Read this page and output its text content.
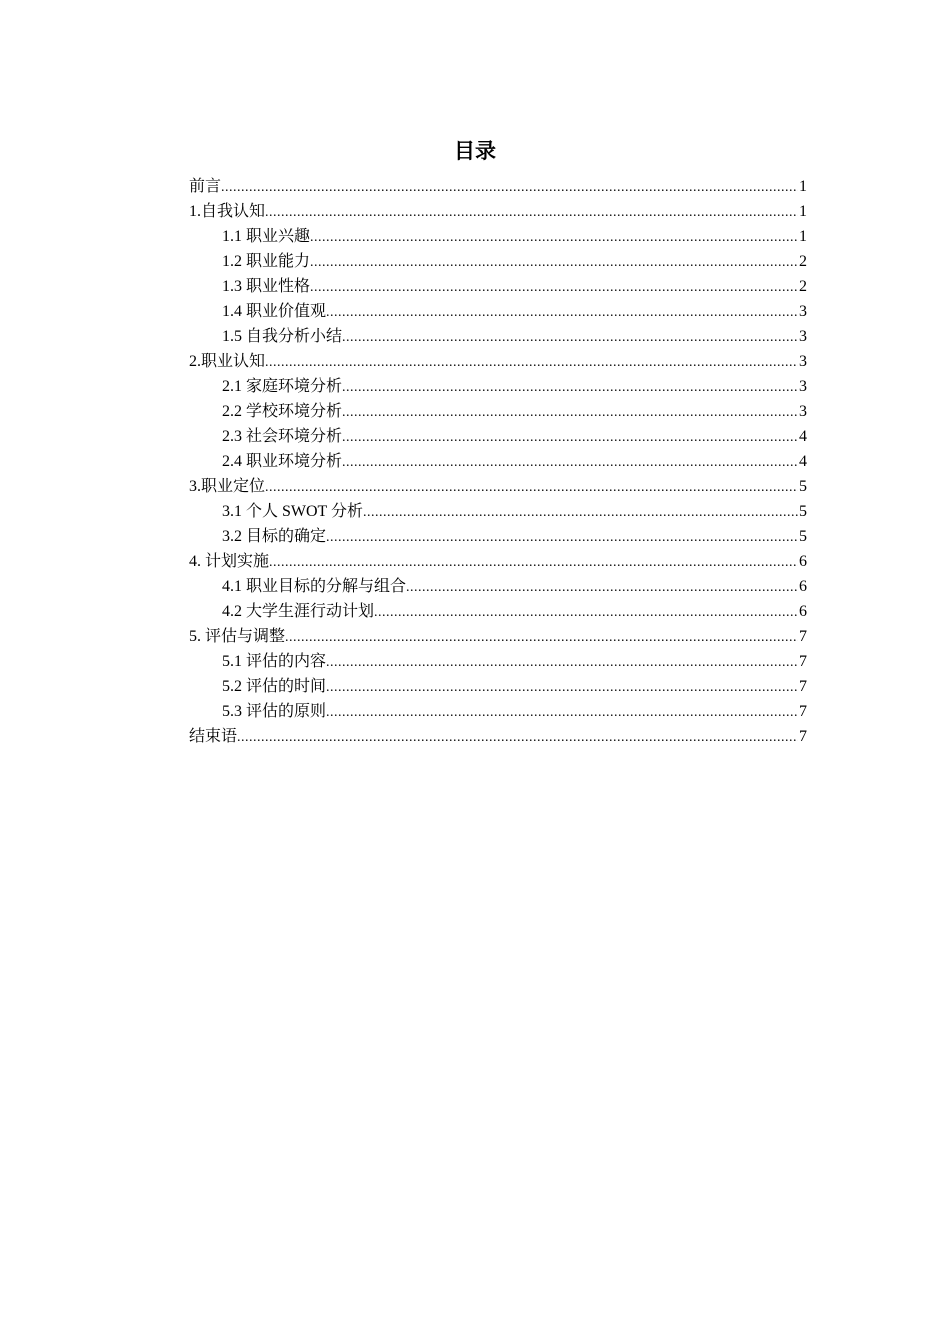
目录
前言 .....	1
1.自我认知 .....	1
1.1 职业兴趣 .....	1
1.2 职业能力 .....	2
1.3 职业性格 .....	2
1.4 职业价值观 .....	3
1.5 自我分析小结 .....	3
2.职业认知 .....	3
2.1 家庭环境分析 .....	3
2.2 学校环境分析 .....	3
2.3 社会环境分析 .....	4
2.4 职业环境分析 .....	4
3.职业定位 .....	5
3.1 个人 SWOT 分析 .....	5
3.2 目标的确定 .....	5
4. 计划实施 .....	6
4.1 职业目标的分解与组合 .....	6
4.2 大学生涯行动计划 .....	6
5. 评估与调整 .....	7
5.1 评估的内容 .....	7
5.2 评估的时间 .....	7
5.3 评估的原则 .....	7
结束语 .....	7
